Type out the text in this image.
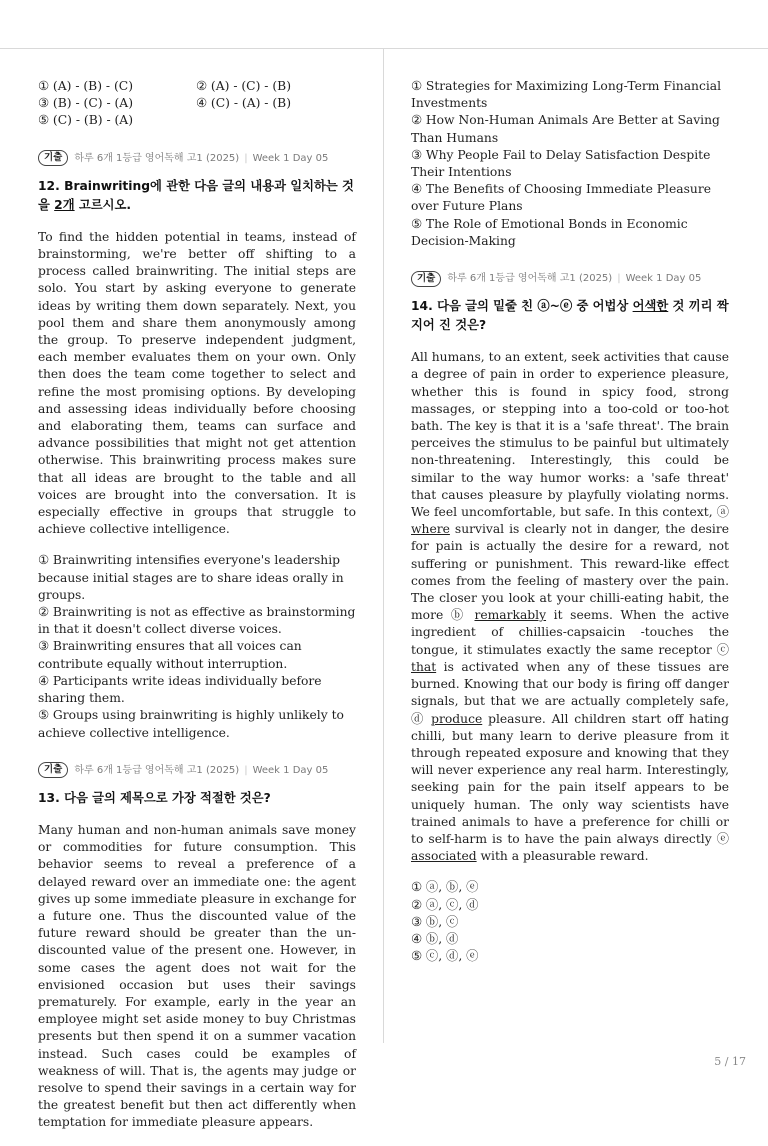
① (A) - (B) - (C)	② (A) - (C) - (B)

③ (B) - (C) - (A)	④ (C) - (A) - (B)

⑤ (C) - (B) - (A)

기출	하루 6개 1등급 영어독해 고1 (2025) | Week 1 Day 05
12. Brainwriting에 관한 다음 글의 내용과 일치하는 것을 2개 고르시오.

To find the hidden potential in teams, instead of brainstorming, we're better off shifting to a process called brainwriting. The initial steps are solo. You start by asking everyone to generate ideas by writing them down separately. Next, you pool them and share them anonymously among the group. To preserve independent judgment, each member evaluates them on your own. Only then does the team come together to select and refine the most promising options. By developing and assessing ideas individually before choosing and elaborating them, teams can surface and advance possibilities that might not get attention otherwise. This brainwriting process makes sure that all ideas are brought to the table and all voices are brought into the conversation. It is especially effective in groups that struggle to achieve collective intelligence.

① Brainwriting intensifies everyone's leadership because initial stages are to share ideas orally in groups.

② Brainwriting is not as effective as brainstorming in that it doesn't collect diverse voices.

③ Brainwriting ensures that all voices can contribute equally without interruption.

④ Participants write ideas individually before sharing them.

⑤ Groups using brainwriting is highly unlikely to achieve collective intelligence.

기출	하루 6개 1등급 영어독해 고1 (2025) | Week 1 Day 05
13. 다음 글의 제목으로 가장 적절한 것은?

Many human and non-human animals save money or commodities for future consumption. This behavior seems to reveal a preference of a delayed reward over an immediate one: the agent gives up some immediate pleasure in exchange for a future one. Thus the discounted value of the future reward should be greater than the un-discounted value of the present one. However, in some cases the agent does not wait for the envisioned occasion but uses their savings prematurely. For example, early in the year an employee might set aside money to buy Christmas presents but then spend it on a summer vacation instead. Such cases could be examples of weakness of will. That is, the agents may judge or resolve to spend their savings in a certain way for the greatest benefit but then act differently when temptation for immediate pleasure appears.

① Strategies for Maximizing Long-Term Financial Investments

② How Non-Human Animals Are Better at Saving Than Humans

③ Why People Fail to Delay Satisfaction Despite Their Intentions

④ The Benefits of Choosing Immediate Pleasure over Future Plans

⑤ The Role of Emotional Bonds in Economic Decision-Making

기출	하루 6개 1등급 영어독해 고1 (2025) | Week 1 Day 05
14. 다음 글의 밑줄 친 ⓐ~ⓔ 중 어법상 어색한 것 끼리 짝지어 진 것은?

All humans, to an extent, seek activities that cause a degree of pain in order to experience pleasure, whether this is found in spicy food, strong massages, or stepping into a too-cold or too-hot bath. The key is that it is a 'safe threat'. The brain perceives the stimulus to be painful but ultimately non-threatening. Interestingly, this could be similar to the way humor works: a 'safe threat' that causes pleasure by playfully violating norms. We feel uncomfortable, but safe. In this context, ⓐ where survival is clearly not in danger, the desire for pain is actually the desire for a reward, not suffering or punishment. This reward-like effect comes from the feeling of mastery over the pain. The closer you look at your chilli-eating habit, the more ⓑ remarkably it seems. When the active ingredient of chillies-capsaicin -touches the tongue, it stimulates exactly the same receptor ⓒ that is activated when any of these tissues are burned. Knowing that our body is firing off danger signals, but that we are actually completely safe, ⓓ produce pleasure. All children start off hating chilli, but many learn to derive pleasure from it through repeated exposure and knowing that they will never experience any real harm. Interestingly, seeking pain for the pain itself appears to be uniquely human. The only way scientists have trained animals to have a preference for chilli or to self-harm is to have the pain always directly ⓔ associated with a pleasurable reward.

① ⓐ, ⓑ, ⓔ

② ⓐ, ⓒ, ⓓ

③ ⓑ, ⓒ

④ ⓑ, ⓓ

⑤ ⓒ, ⓓ, ⓔ

5 / 17
